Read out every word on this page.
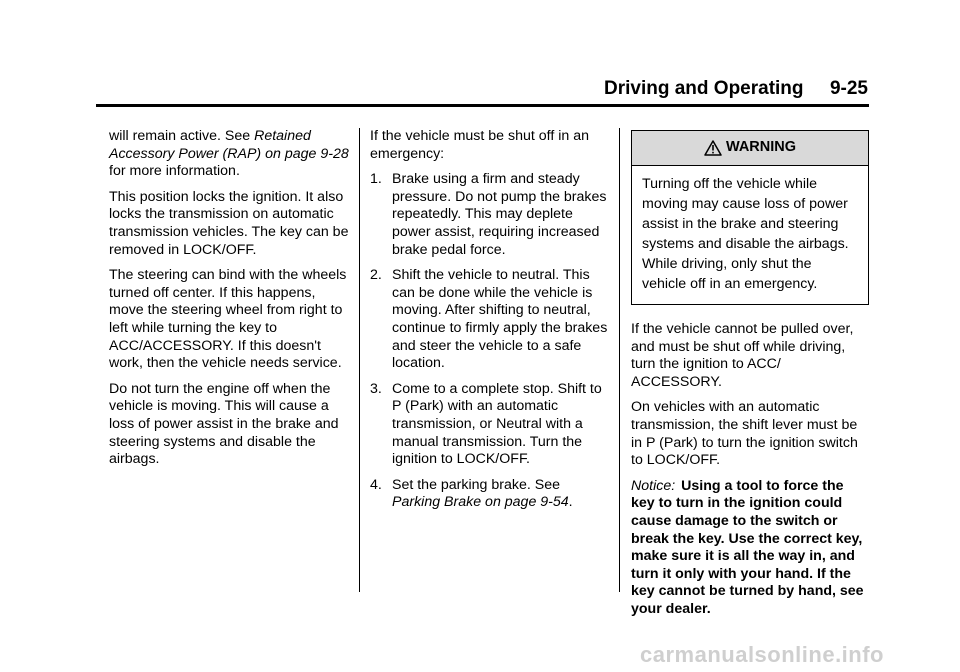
Driving and Operating 9-25

will remain active. See Retained Accessory Power (RAP) on page 9-28 for more information.

This position locks the ignition. It also locks the transmission on automatic transmission vehicles. The key can be removed in LOCK/OFF.

The steering can bind with the wheels turned off center. If this happens, move the steering wheel from right to left while turning the key to ACC/ACCESSORY. If this doesn't work, then the vehicle needs service.

Do not turn the engine off when the vehicle is moving. This will cause a loss of power assist in the brake and steering systems and disable the airbags.

If the vehicle must be shut off in an emergency:

1. Brake using a firm and steady pressure. Do not pump the brakes repeatedly. This may deplete power assist, requiring increased brake pedal force.
2. Shift the vehicle to neutral. This can be done while the vehicle is moving. After shifting to neutral, continue to firmly apply the brakes and steer the vehicle to a safe location.
3. Come to a complete stop. Shift to P (Park) with an automatic transmission, or Neutral with a manual transmission. Turn the ignition to LOCK/OFF.
4. Set the parking brake. See Parking Brake on page 9-54.
WARNING
Turning off the vehicle while moving may cause loss of power assist in the brake and steering systems and disable the airbags. While driving, only shut the vehicle off in an emergency.

If the vehicle cannot be pulled over, and must be shut off while driving, turn the ignition to ACC/ ACCESSORY.

On vehicles with an automatic transmission, the shift lever must be in P (Park) to turn the ignition switch to LOCK/OFF.

Notice: Using a tool to force the key to turn in the ignition could cause damage to the switch or break the key. Use the correct key, make sure it is all the way in, and turn it only with your hand. If the key cannot be turned by hand, see your dealer.

carmanualsonline.info
